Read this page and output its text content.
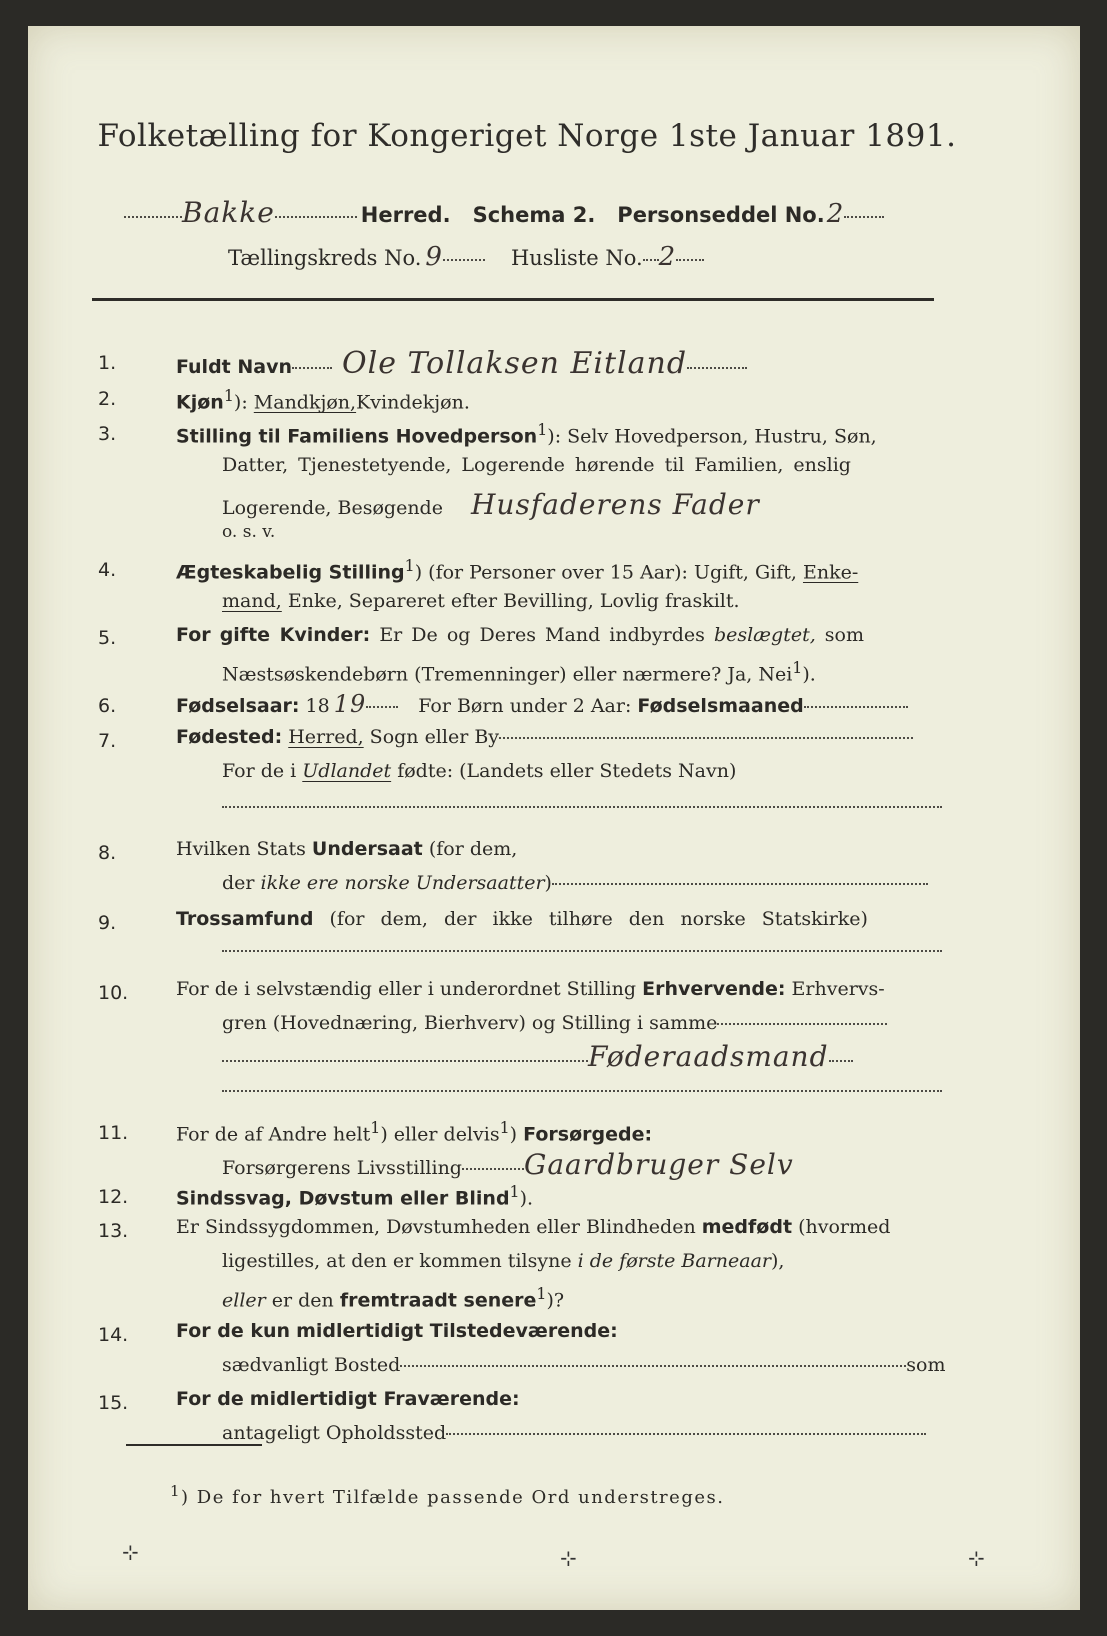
Folketælling for Kongeriget Norge 1ste Januar 1891.
Bakke	Herred. Schema 2. Personseddel No. 2
Tællingskreds No. 9	Husliste No. 2
1.	Fuldt Navn Ole Tollaksen Eitland
2.	Kjøn$^1$): Mandkjøn,Kvindekjøn.
3.	Stilling til Familiens Hovedperson$^1$): Selv Hovedperson, Hustru, Søn,
Datter, Tjenestetyende, Logerende hørende til Familien, enslig
Logerende, Besøgende Husfaderens Fader
o. s. v.
4.	Ægteskabelig Stilling$^1$) (for Personer over 15 Aar): Ugift, Gift, Enke-
mand, Enke, Separeret efter Bevilling, Lovlig fraskilt.
5.	For gifte Kvinder: Er De og Deres Mand indbyrdes beslægtet, som
Næstsøskendebørn (Tremenninger) eller nærmere? Ja, Nei$^1$).
6.	Fødselsaar: 18 19	For Børn under 2 Aar: Fødselsmaaned
7.	Fødested: Herred, Sogn eller By
For de i Udlandet fødte: (Landets eller Stedets Navn)
8.	Hvilken Stats Undersaat (for dem,
der ikke ere norske Undersaatter )
9.	Trossamfund (for dem, der ikke tilhøre den norske Statskirke)
10.	For de i selvstændig eller i underordnet Stilling Erhvervende: Erhvervs-
gren (Hovednæring, Bierhverv) og Stilling i samme
Føderaadsmand
11.	For de af Andre helt$^1$) eller delvis$^1$) Forsørgede:
Forsørgerens Livsstilling Gaardbruger Selv
12.	Sindssvag, Døvstum eller Blind$^1$).
13.	Er Sindssygdommen, Døvstumheden eller Blindheden medfødt (hvormed
ligestilles, at den er kommen tilsyne i de første Barneaar),
eller er den fremtraadt senere$^1$)?
14.	For de kun midlertidigt Tilstedeværende:
sædvanligt Bosted	som
15.	For de midlertidigt Fraværende:
antageligt Opholdssted
$^1$) De for hvert Tilfælde passende Ord understreges.
⊹	⊹	⊹
